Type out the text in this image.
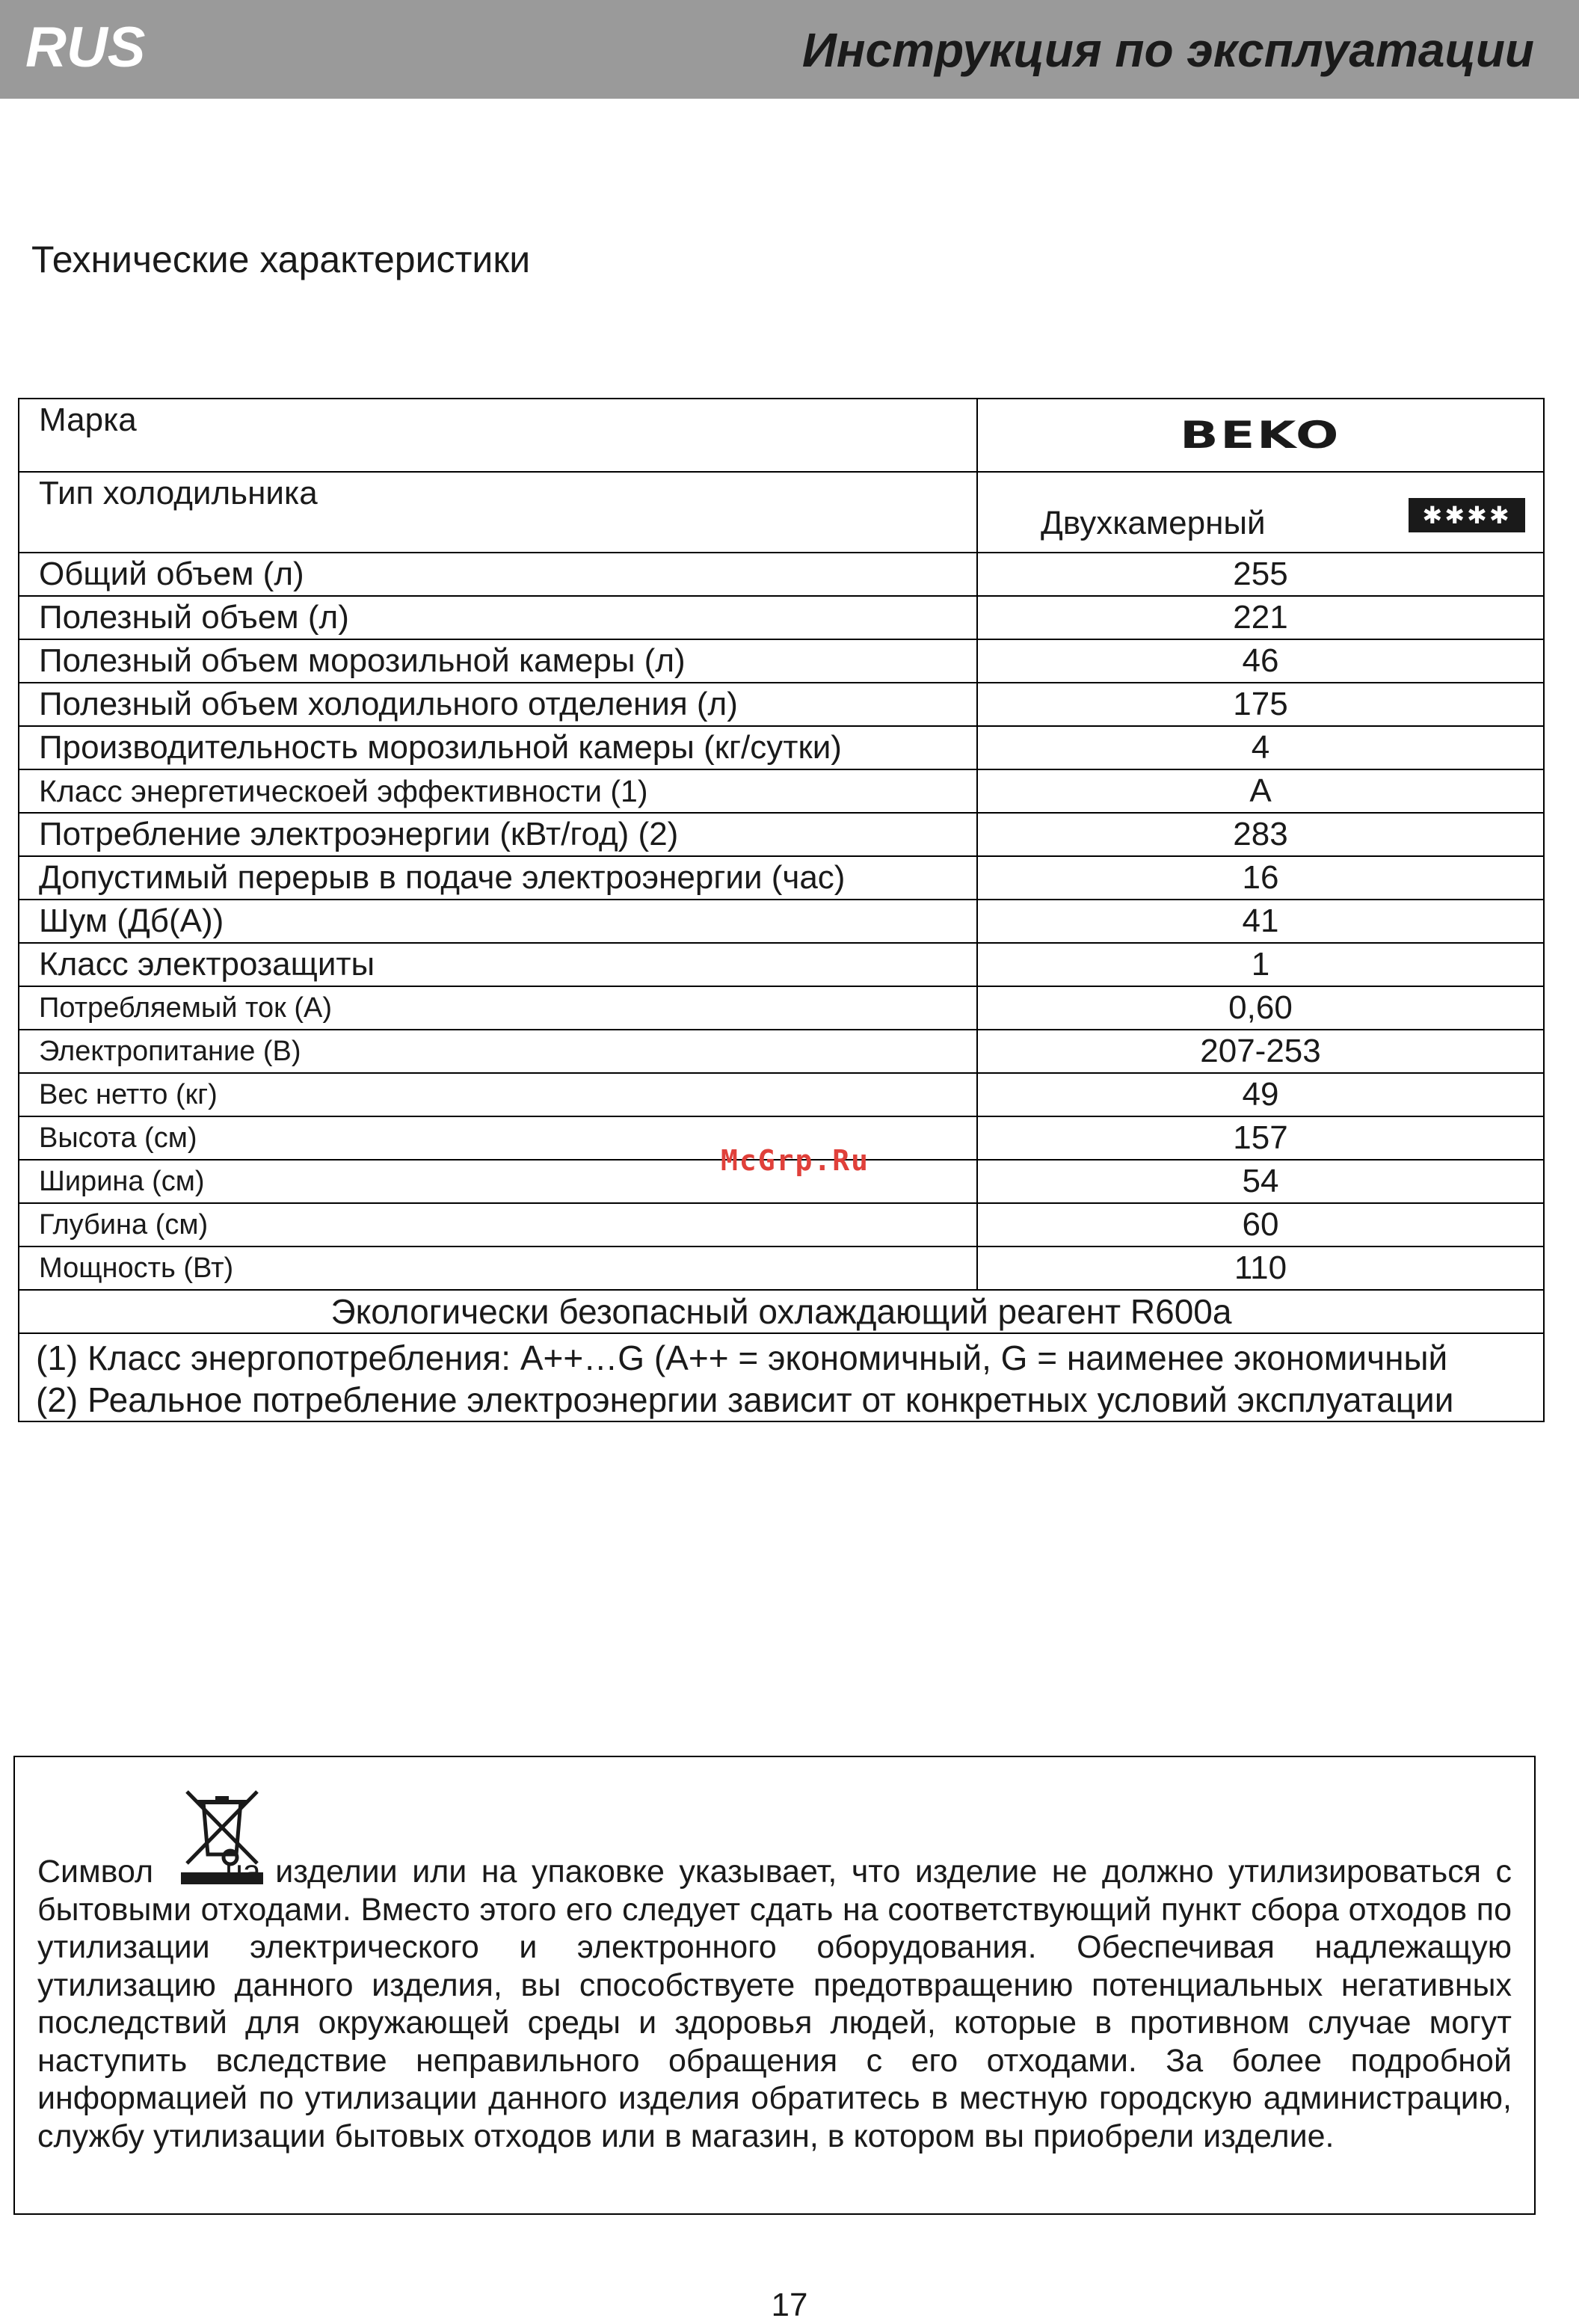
RUS	Инструкция по эксплуатации
Технические характеристики
Марка	BEKO
Тип холодильника	Двухкамерный ✱✱✱✱

Общий объем (л)	255
Полезный объем (л)	221
Полезный объем морозильной камеры (л)	46
Полезный объем холодильного отделения (л)	175
Производительность морозильной камеры (кг/сутки)	4
Класс энергетическоей эффективности (1)	A
Потребление электроэнергии (кВт/год) (2)	283
Допустимый перерыв в подаче электроэнергии (час)	16
Шум (Дб(А))	41
Класс электрозащиты	1
Потребляемый ток (А)	0,60
Электропитание (В)	207-253
Вес нетто (кг)	49
Высота (см)	157
Ширина (см)	54
Глубина (см)	60
Мощность (Вт)	110
Экологически безопасный охлаждающий реагент R600a	

(1) Класс энергопотребления: A++…G (A++ = экономичный, G = наименее экономичный
(2) Реальное потребление электроэнергии зависит от конкретных условий эксплуатации	
McGrp.Ru
Символ на изделии или на упаковке указывает, что изделие не должно утилизироваться с бытовыми отходами. Вместо этого его следует сдать на соответствующий пункт сбора отходов по утилизации электрического и электронного оборудования. Обеспечивая надлежащую утилизацию данного изделия, вы способствуете предотвращению потенциальных негативных последствий для окружающей среды и здоровья людей, которые в противном случае могут наступить вследствие неправильного обращения с его отходами. За более подробной информацией по утилизации данного изделия обратитесь в местную городскую администрацию, службу утилизации бытовых отходов или в магазин, в котором вы приобрели изделие.
17
